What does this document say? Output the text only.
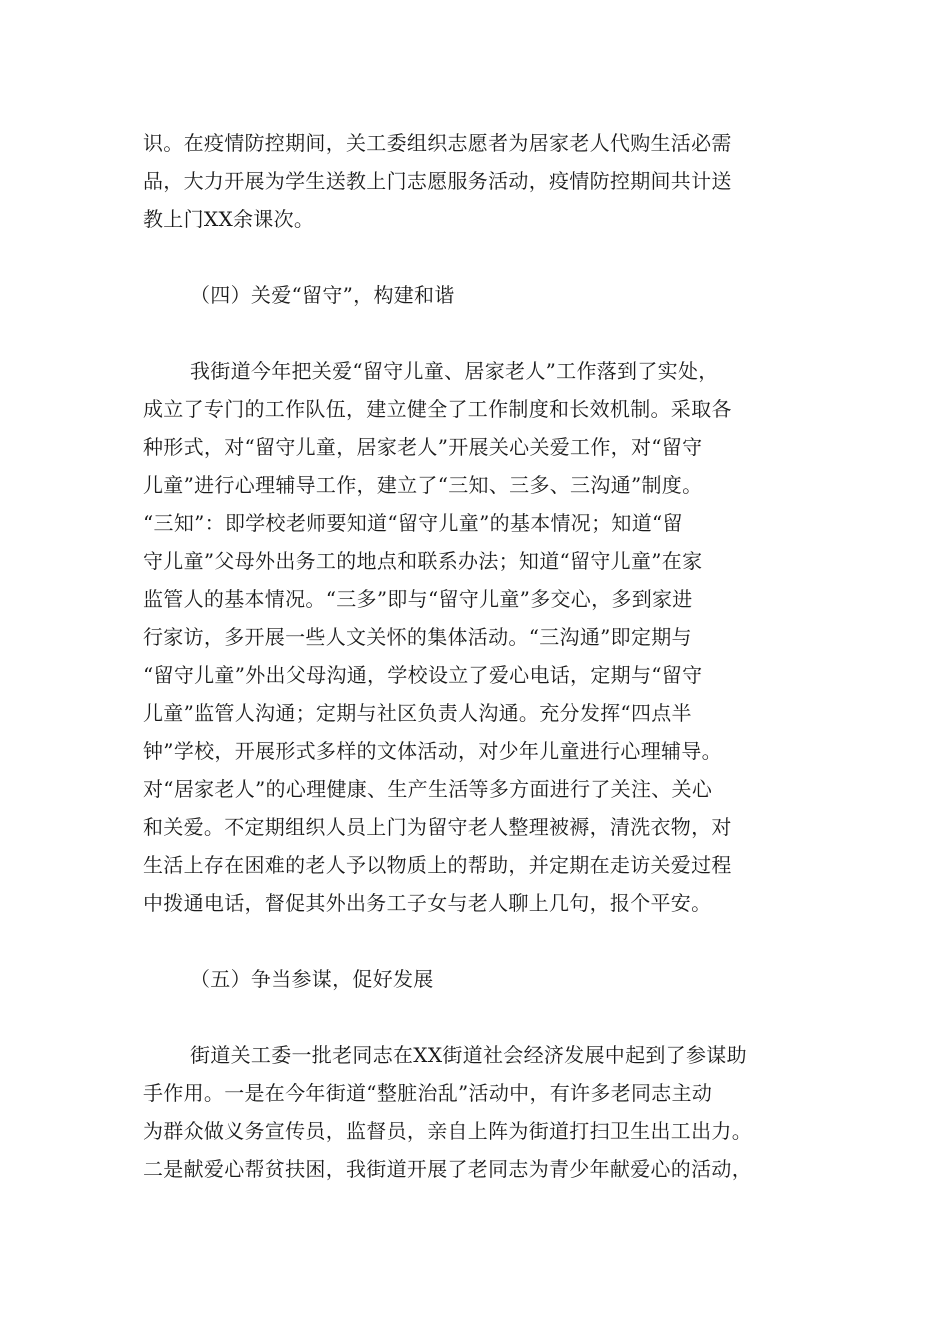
识。在疫情防控期间，关工委组织志愿者为居家老人代购生活必需
品，大力开展为学生送教上门志愿服务活动，疫情防控期间共计送
教上门XX余课次。
（四）关爱“留守”，构建和谐
我街道今年把关爱“留守儿童、居家老人”工作落到了实处，
成立了专门的工作队伍，建立健全了工作制度和长效机制。采取各
种形式，对“留守儿童，居家老人”开展关心关爱工作，对“留守
儿童”进行心理辅导工作，建立了“三知、三多、三沟通”制度。
“三知”：即学校老师要知道“留守儿童”的基本情况；知道“留
守儿童”父母外出务工的地点和联系办法；知道“留守儿童”在家
监管人的基本情况。“三多”即与“留守儿童”多交心，多到家进
行家访，多开展一些人文关怀的集体活动。“三沟通”即定期与
“留守儿童”外出父母沟通，学校设立了爱心电话，定期与“留守
儿童”监管人沟通；定期与社区负责人沟通。充分发挥“四点半
钟”学校，开展形式多样的文体活动，对少年儿童进行心理辅导。
对“居家老人”的心理健康、生产生活等多方面进行了关注、关心
和关爱。不定期组织人员上门为留守老人整理被褥，清洗衣物，对
生活上存在困难的老人予以物质上的帮助，并定期在走访关爱过程
中拨通电话，督促其外出务工子女与老人聊上几句，报个平安。
（五）争当参谋，促好发展
街道关工委一批老同志在XX街道社会经济发展中起到了参谋助
手作用。一是在今年街道“整脏治乱”活动中，有许多老同志主动
为群众做义务宣传员，监督员，亲自上阵为街道打扫卫生出工出力。
二是献爱心帮贫扶困，我街道开展了老同志为青少年献爱心的活动，
